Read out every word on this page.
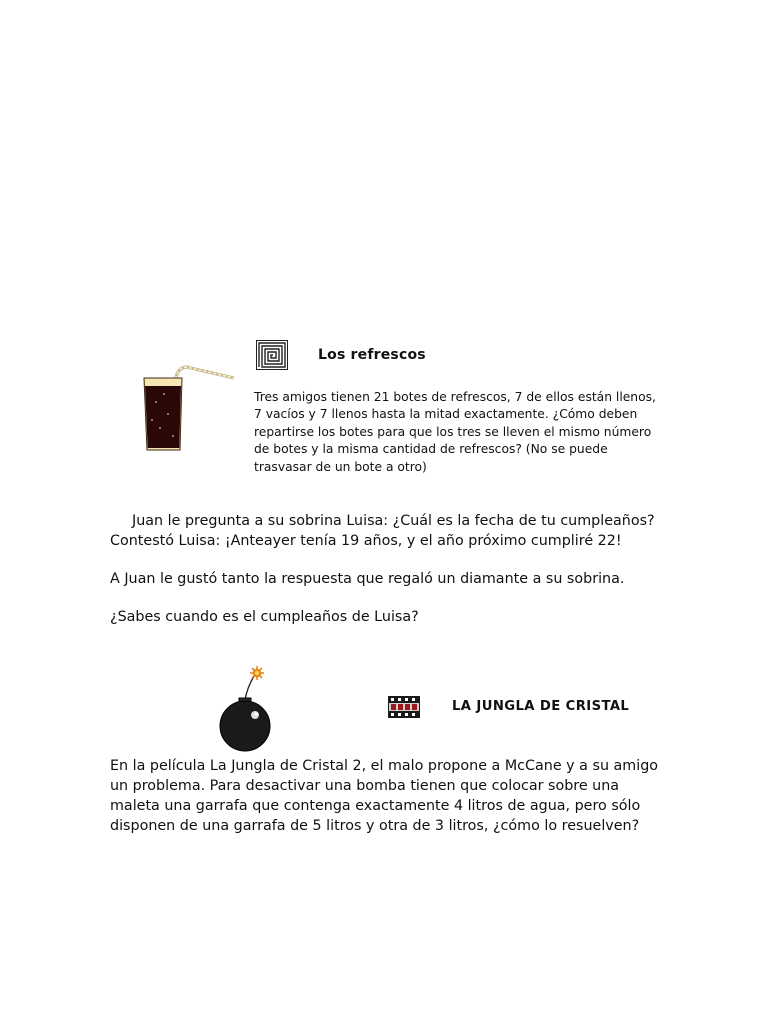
Los refrescos
Tres amigos tienen 21 botes de refrescos, 7 de ellos están llenos, 7 vacíos y 7 llenos hasta la mitad exactamente. ¿Cómo deben repartirse los botes para que los tres se lleven el mismo número de botes y la misma cantidad de refrescos? (No se puede trasvasar de un bote a otro)

Juan le pregunta a su sobrina Luisa: ¿Cuál es la fecha de tu cumpleaños? Contestó Luisa: ¡Anteayer tenía 19 años, y el año próximo cumpliré 22!

A Juan le gustó tanto la respuesta que regaló un diamante a su sobrina.

¿Sabes cuando es el cumpleaños de Luisa?

LA JUNGLA DE CRISTAL

En la película La Jungla de Cristal 2, el malo propone a McCane y a su amigo un problema. Para desactivar una bomba tienen que colocar sobre una maleta una garrafa que contenga exactamente 4 litros de agua, pero sólo disponen de una garrafa de 5 litros y otra de 3 litros, ¿cómo lo resuelven?
